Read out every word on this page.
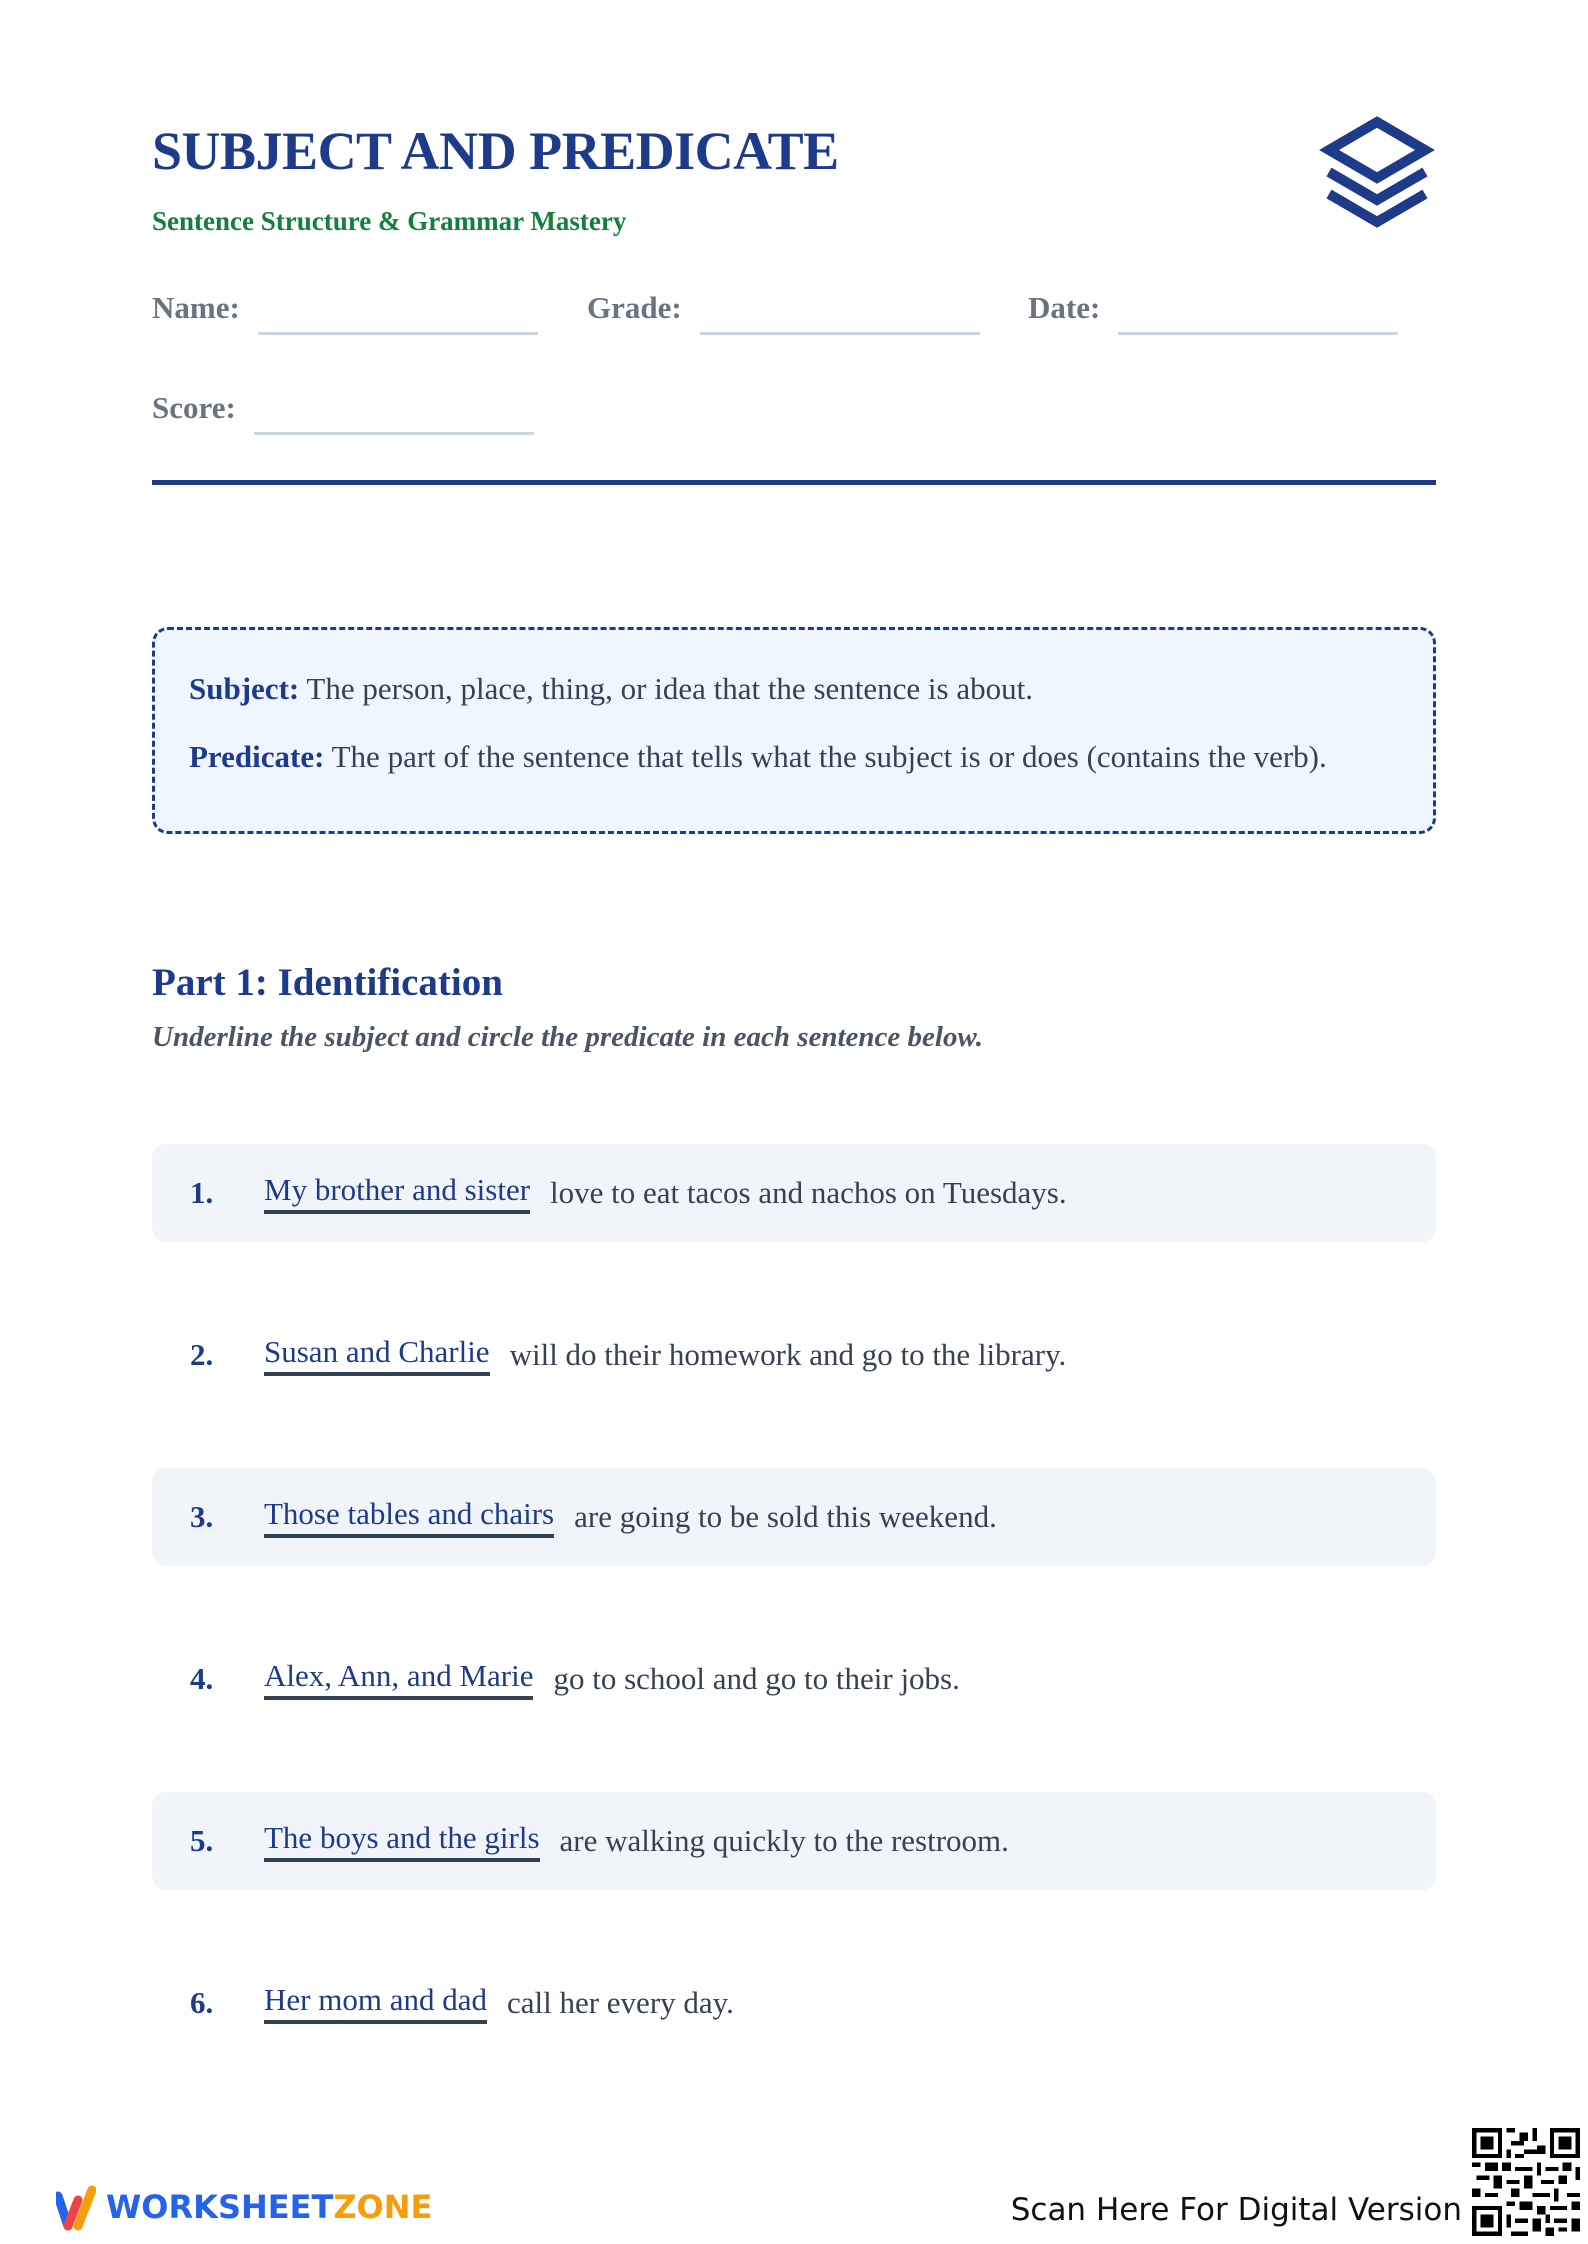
SUBJECT AND PREDICATE
Sentence Structure & Grammar Mastery
Name:	Grade:	Date:
Score:
Subject: The person, place, thing, or idea that the sentence is about.
Predicate: The part of the sentence that tells what the subject is or does (contains the verb).
Part 1: Identification
Underline the subject and circle the predicate in each sentence below.
1.	My brother and sister love to eat tacos and nachos on Tuesdays.
2.	Susan and Charlie will do their homework and go to the library.
3.	Those tables and chairs are going to be sold this weekend.
4.	Alex, Ann, and Marie go to school and go to their jobs.
5.	The boys and the girls are walking quickly to the restroom.
6.	Her mom and dad call her every day.
WORKSHEETZONE	Scan Here For Digital Version
